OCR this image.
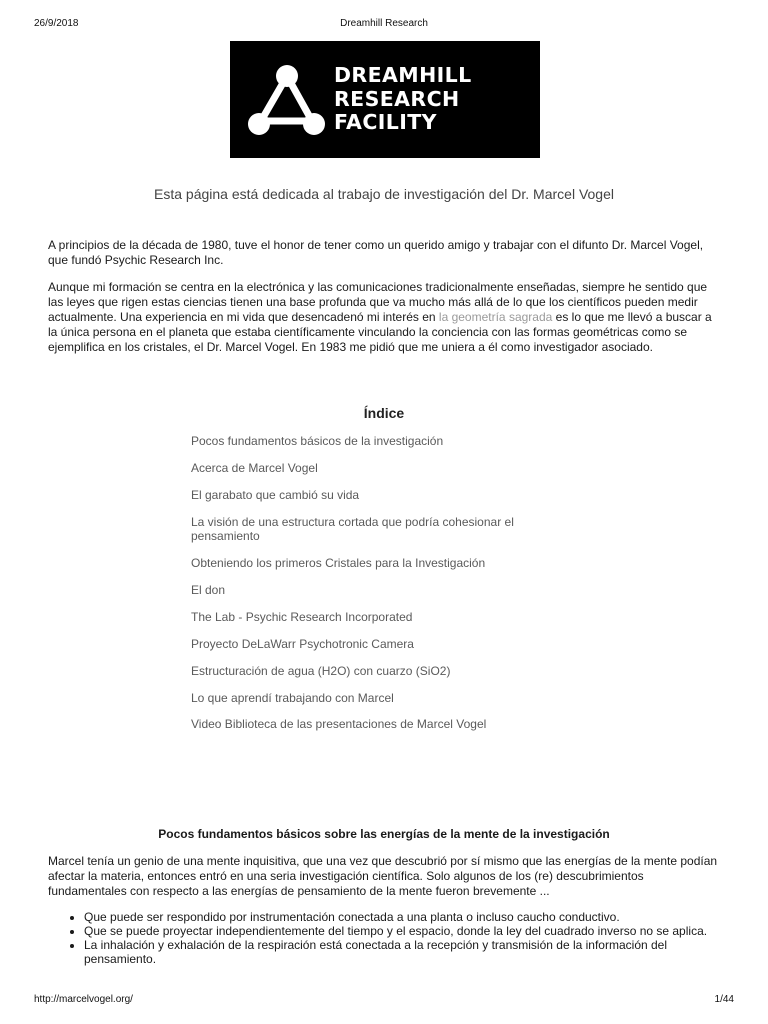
26/9/2018	Dreamhill Research
DREAMHILL
RESEARCH
FACILITY
Esta página está dedicada al trabajo de investigación del Dr. Marcel Vogel
A principios de la década de 1980, tuve el honor de tener como un querido amigo y trabajar con el difunto Dr. Marcel Vogel, que fundó Psychic Research Inc.
Aunque mi formación se centra en la electrónica y las comunicaciones tradicionalmente enseñadas, siempre he sentido que las leyes que rigen estas ciencias tienen una base profunda que va mucho más allá de lo que los científicos pueden medir actualmente. Una experiencia en mi vida que desencadenó mi interés en la geometría sagrada es lo que me llevó a buscar a la única persona en el planeta que estaba científicamente vinculando la conciencia con las formas geométricas como se ejemplifica en los cristales, el Dr. Marcel Vogel. En 1983 me pidió que me uniera a él como investigador asociado.
Índice
Pocos fundamentos básicos de la investigación
Acerca de Marcel Vogel
El garabato que cambió su vida
La visión de una estructura cortada que podría cohesionar el pensamiento
Obteniendo los primeros Cristales para la Investigación
El don
The Lab - Psychic Research Incorporated
Proyecto DeLaWarr Psychotronic Camera
Estructuración de agua (H2O) con cuarzo (SiO2)
Lo que aprendí trabajando con Marcel
Video Biblioteca de las presentaciones de Marcel Vogel
Pocos fundamentos básicos sobre las energías de la mente de la investigación
Marcel tenía un genio de una mente inquisitiva, que una vez que descubrió por sí mismo que las energías de la mente podían afectar la materia, entonces entró en una seria investigación científica. Solo algunos de los (re) descubrimientos fundamentales con respecto a las energías de pensamiento de la mente fueron brevemente ...
• Que puede ser respondido por instrumentación conectada a una planta o incluso caucho conductivo.
• Que se puede proyectar independientemente del tiempo y el espacio, donde la ley del cuadrado inverso no se aplica.
• La inhalación y exhalación de la respiración está conectada a la recepción y transmisión de la información del pensamiento.
http://marcelvogel.org/	1/44
